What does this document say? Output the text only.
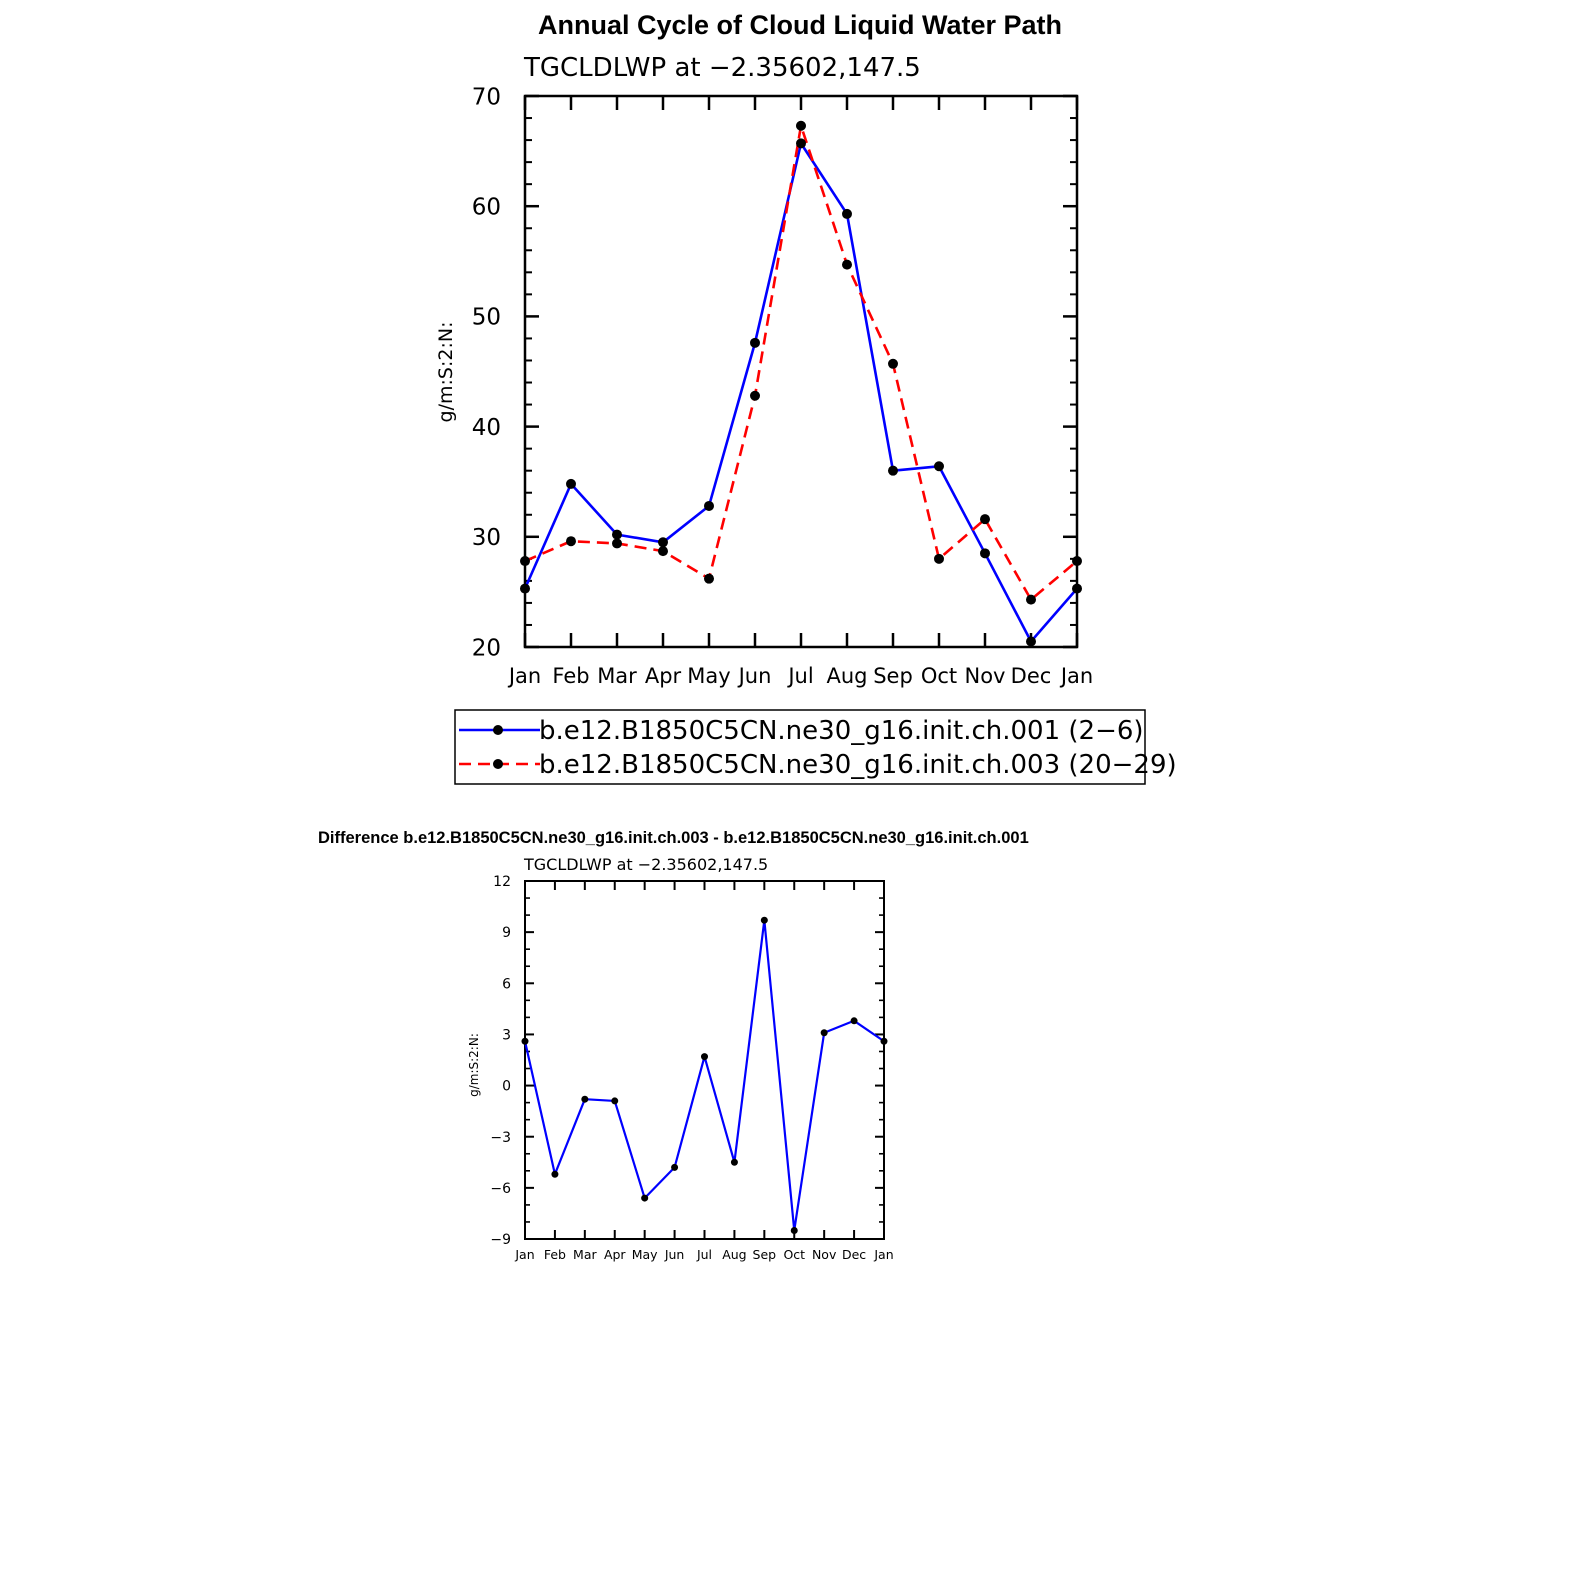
Annual Cycle of Cloud Liquid Water Path
TGCLDLWP at −2.35602,147.5
g/m:S:2:N:
20
30
40
50
60
70
Jan Feb Mar Apr May Jun Jul Aug Sep Oct Nov Dec Jan
b.e12.B1850C5CN.ne30_g16.init.ch.001 (2−6)
b.e12.B1850C5CN.ne30_g16.init.ch.003 (20−29)
Difference b.e12.B1850C5CN.ne30_g16.init.ch.003 - b.e12.B1850C5CN.ne30_g16.init.ch.001
TGCLDLWP at −2.35602,147.5
g/m:S:2:N:
−9
−6
−3
0
3
6
9
12
Jan Feb Mar Apr May Jun Jul Aug Sep Oct Nov Dec Jan
